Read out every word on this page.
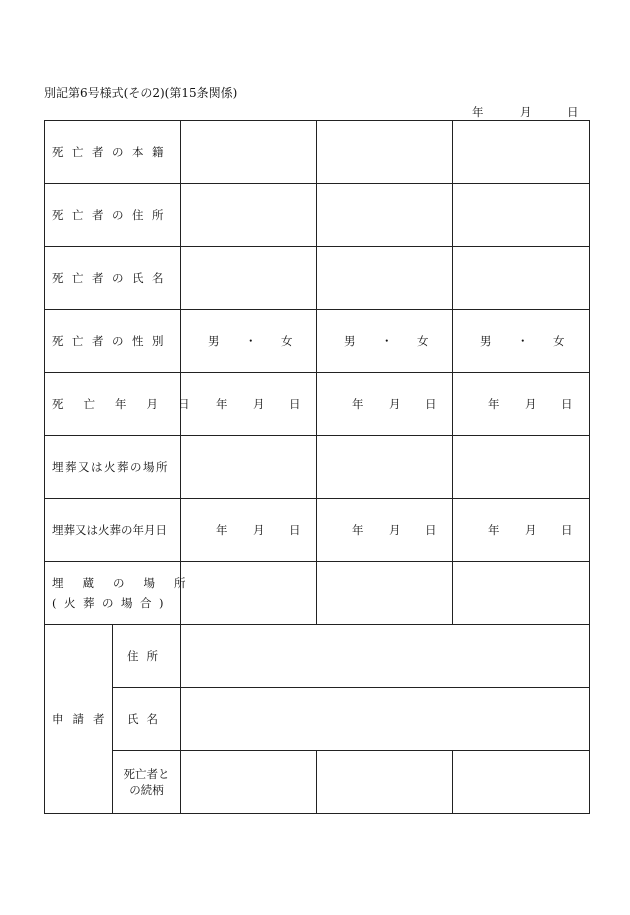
別記第6号様式(その2)(第15条関係)
年	月	日
死亡者の本籍				

死亡者の住所				
死亡者の氏名				
死亡者の性別		男 ・ 女	男 ・ 女	男 ・ 女

死亡年月日		年 月 日	年 月 日	年 月 日

埋葬又は火葬の場所				
埋葬又は火葬の年月日		年 月 日	年 月 日	年 月 日

埋蔵の場所
(火葬の場合)				

申請者	住所			
	氏名			

	死亡者と
の続柄			
